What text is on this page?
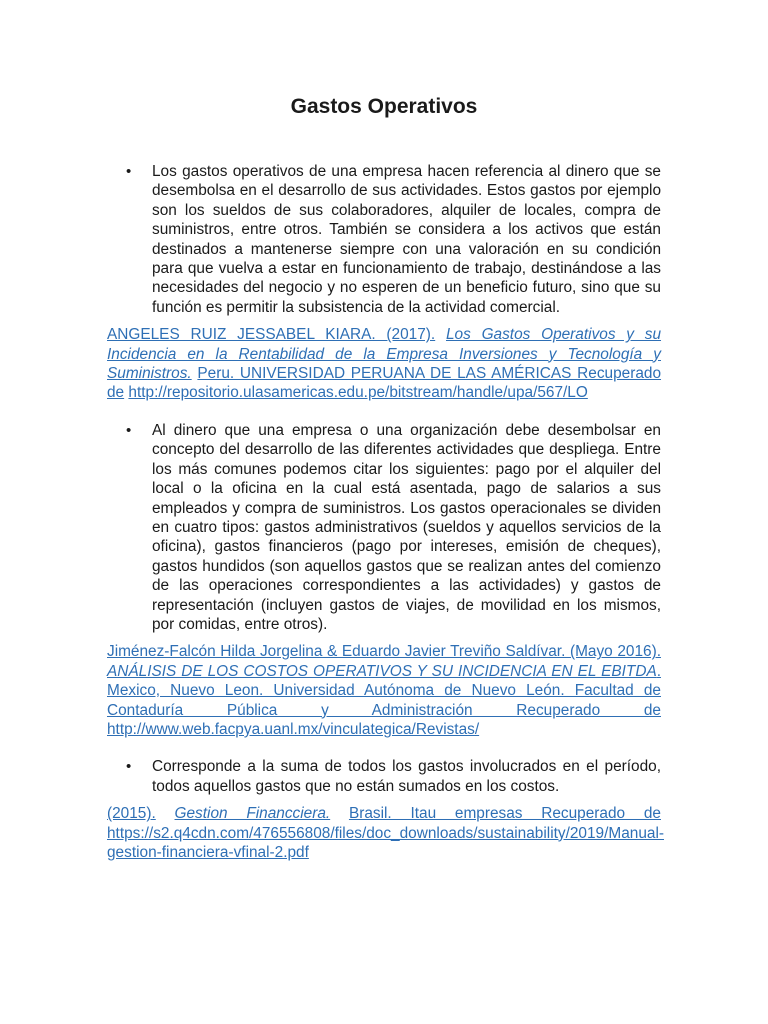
Gastos Operativos
• Los gastos operativos de una empresa hacen referencia al dinero que se desembolsa en el desarrollo de sus actividades. Estos gastos por ejemplo son los sueldos de sus colaboradores, alquiler de locales, compra de suministros, entre otros. También se considera a los activos que están destinados a mantenerse siempre con una valoración en su condición para que vuelva a estar en funcionamiento de trabajo, destinándose a las necesidades del negocio y no esperen de un beneficio futuro, sino que su función es permitir la subsistencia de la actividad comercial.
ANGELES RUIZ JESSABEL KIARA. (2017). Los Gastos Operativos y su Incidencia en la Rentabilidad de la Empresa Inversiones y Tecnología y Suministros. Peru. UNIVERSIDAD PERUANA DE LAS AMÉRICAS Recuperado de http://repositorio.ulasamericas.edu.pe/bitstream/handle/upa/567/LO
• Al dinero que una empresa o una organización debe desembolsar en concepto del desarrollo de las diferentes actividades que despliega. Entre los más comunes podemos citar los siguientes: pago por el alquiler del local o la oficina en la cual está asentada, pago de salarios a sus empleados y compra de suministros. Los gastos operacionales se dividen en cuatro tipos: gastos administrativos (sueldos y aquellos servicios de la oficina), gastos financieros (pago por intereses, emisión de cheques), gastos hundidos (son aquellos gastos que se realizan antes del comienzo de las operaciones correspondientes a las actividades) y gastos de representación (incluyen gastos de viajes, de movilidad en los mismos, por comidas, entre otros).
Jiménez-Falcón Hilda Jorgelina & Eduardo Javier Treviño Saldívar. (Mayo 2016). ANÁLISIS DE LOS COSTOS OPERATIVOS Y SU INCIDENCIA EN EL EBITDA. Mexico, Nuevo Leon. Universidad Autónoma de Nuevo León. Facultad de Contaduría Pública y Administración Recuperado de http://www.web.facpya.uanl.mx/vinculategica/Revistas/
• Corresponde a la suma de todos los gastos involucrados en el período, todos aquellos gastos que no están sumados en los costos.
(2015). Gestion Financciera. Brasil. Itau empresas Recuperado de https://s2.q4cdn.com/476556808/files/doc_downloads/sustainability/2019/Manual-gestion-financiera-vfinal-2.pdf
